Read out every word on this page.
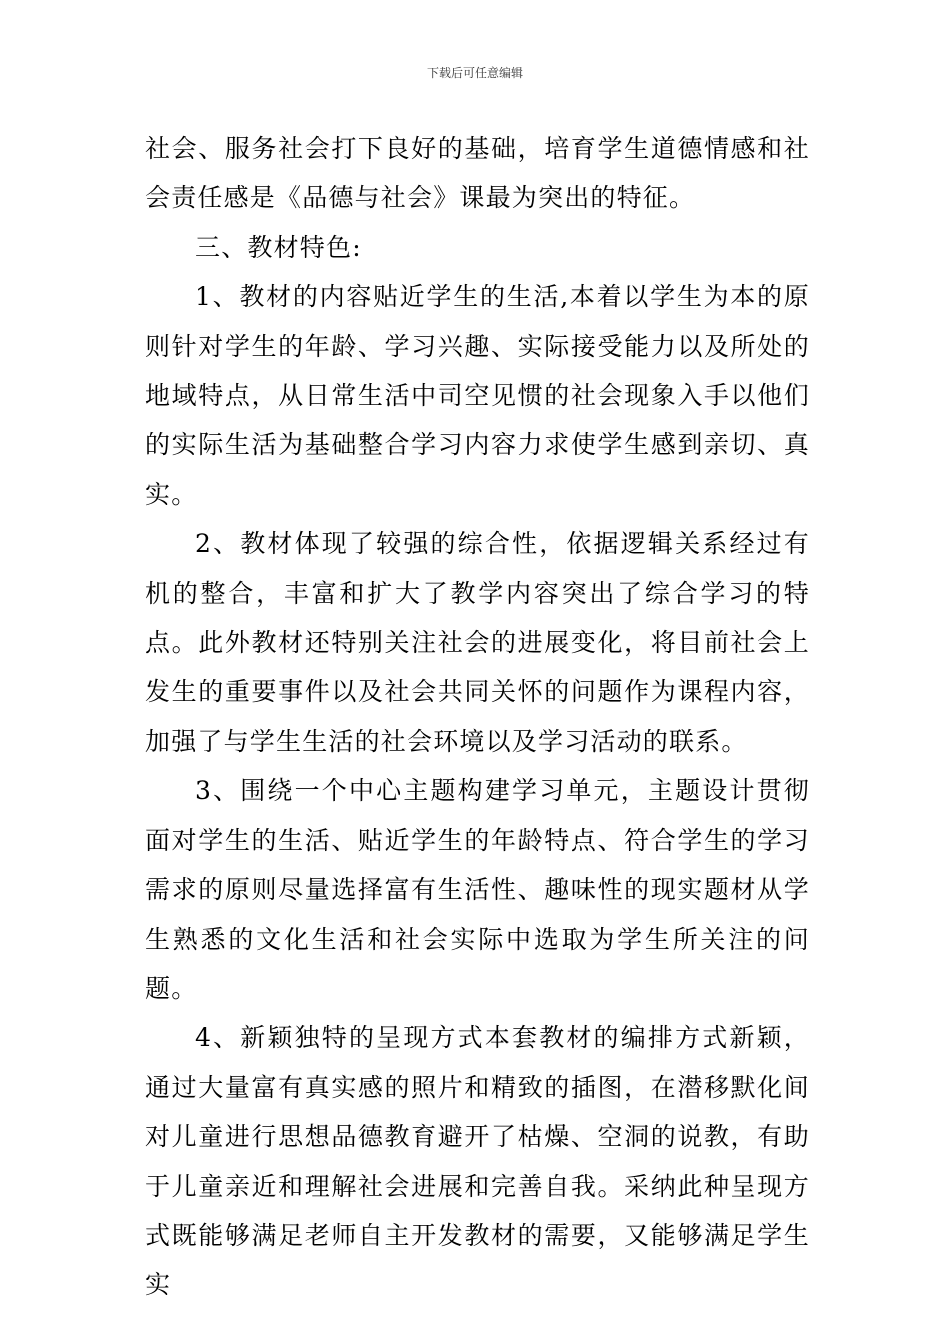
下载后可任意编辑

社会、服务社会打下良好的基础，培育学生道德情感和社会责任感是《品德与社会》课最为突出的特征。

三、教材特色:

1、教材的内容贴近学生的生活,本着以学生为本的原则针对学生的年龄、学习兴趣、实际接受能力以及所处的地域特点，从日常生活中司空见惯的社会现象入手以他们的实际生活为基础整合学习内容力求使学生感到亲切、真实。

2、教材体现了较强的综合性，依据逻辑关系经过有机的整合，丰富和扩大了教学内容突出了综合学习的特点。此外教材还特别关注社会的进展变化，将目前社会上发生的重要事件以及社会共同关怀的问题作为课程内容，加强了与学生生活的社会环境以及学习活动的联系。

3、围绕一个中心主题构建学习单元，主题设计贯彻面对学生的生活、贴近学生的年龄特点、符合学生的学习需求的原则尽量选择富有生活性、趣味性的现实题材从学生熟悉的文化生活和社会实际中选取为学生所关注的问题。

4、新颖独特的呈现方式本套教材的编排方式新颖，通过大量富有真实感的照片和精致的插图，在潜移默化间对儿童进行思想品德教育避开了枯燥、空洞的说教，有助于儿童亲近和理解社会进展和完善自我。采纳此种呈现方式既能够满足老师自主开发教材的需要，又能够满足学生实
